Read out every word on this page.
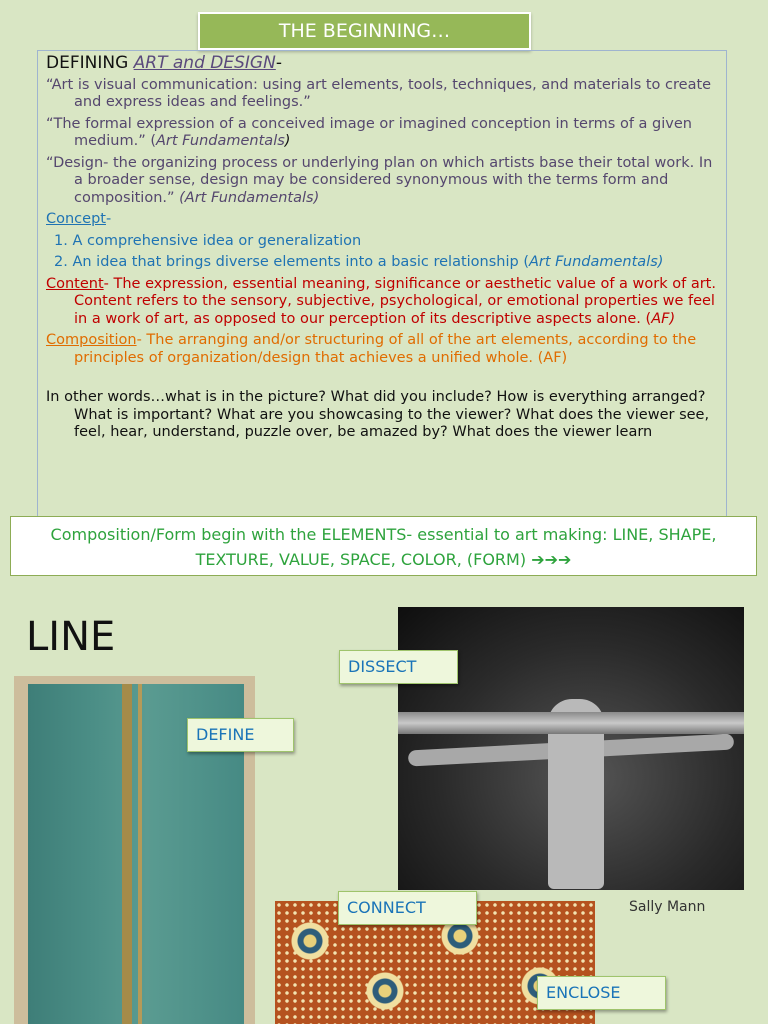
THE BEGINNING…
DEFINING ART and DESIGN-

“Art is visual communication: using art elements, tools, techniques, and materials to create and express ideas and feelings.”

“The formal expression of a conceived image or imagined conception in terms of a given medium.” (Art Fundamentals)

“Design- the organizing process or underlying plan on which artists base their total work. In a broader sense, design may be considered synonymous with the terms form and composition.” (Art Fundamentals)

Concept-

1. A comprehensive idea or generalization

2. An idea that brings diverse elements into a basic relationship (Art Fundamentals)

Content- The expression, essential meaning, significance or aesthetic value of a work of art. Content refers to the sensory, subjective, psychological, or emotional properties we feel in a work of art, as opposed to our perception of its descriptive aspects alone. (AF)

Composition- The arranging and/or structuring of all of the art elements, according to the principles of organization/design that achieves a unified whole. (AF)

In other words…what is in the picture? What did you include? How is everything arranged? What is important? What are you showcasing to the viewer? What does the viewer see, feel, hear, understand, puzzle over, be amazed by? What does the viewer learn

Composition/Form begin with the ELEMENTS- essential to art making: LINE, SHAPE, TEXTURE, VALUE, SPACE, COLOR, (FORM) ➔➔➔
LINE
Sally Mann
DEFINE
DISSECT
CONNECT
ENCLOSE
